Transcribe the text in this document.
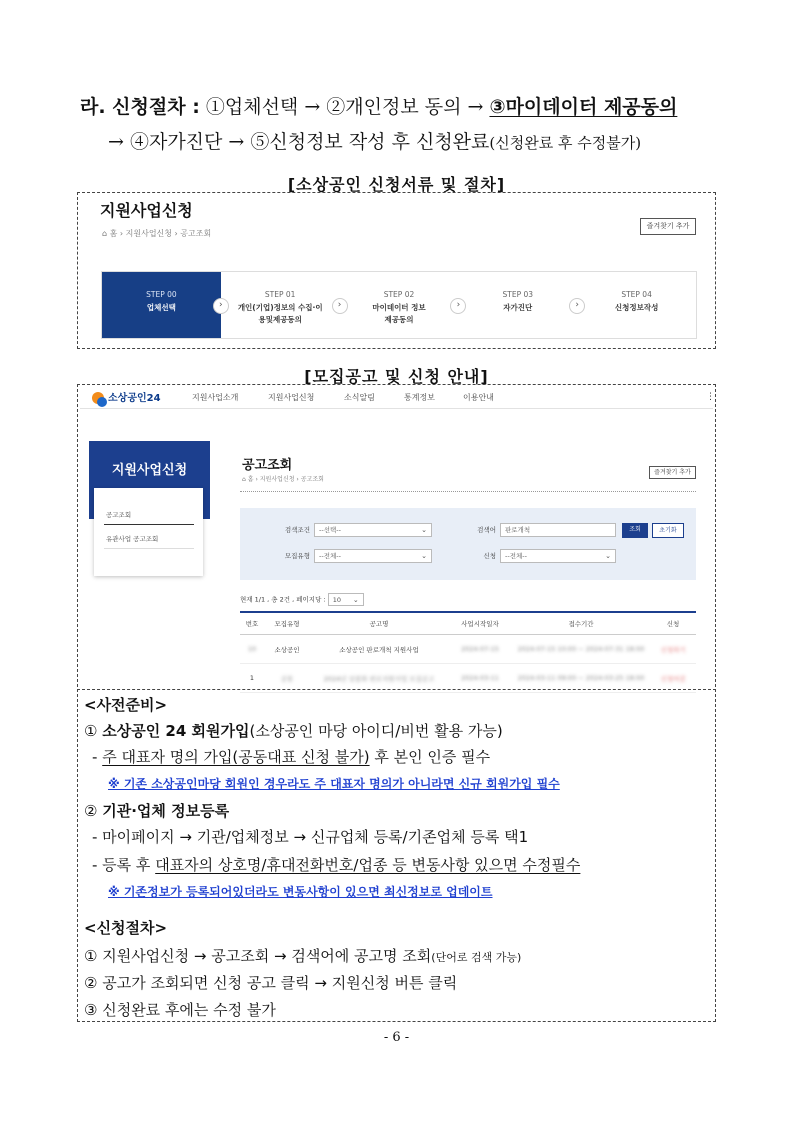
라. 신청절차 : ①업체선택 → ②개인정보 동의 → ③마이데이터 제공동의
→ ④자가진단 → ⑤신청정보 작성 후 신청완료(신청완료 후 수정불가)
[소상공인 신청서류 및 절차]
지원사업신청
⌂ 홈 › 지원사업신청 › 공고조회
즐겨찾기 추가
STEP 00
업체선택	›
STEP 01
개인(기업)정보의 수집·이용및제공동의
›
STEP 02
마이데이터 정보제공동의
›
STEP 03
자가진단	›
STEP 04
신청정보작성
[모집공고 및 신청 안내]
소상공인24	지원사업소개	지원사업신청	소식알림	통계정보	이용안내	⋮
지원사업신청
공고조회
유관사업 공고조회
공고조회
⌂ 홈 › 지원사업신청 › 공고조회
즐겨찾기 추가
검색조건	--선택--	⌄
모집유형	--전체--	⌄
검색어	판로개척	조회	초기화
신청	--전체--	⌄
현재 1/1 , 총 2건 , 페이지당 : 10 ⌄
번호	모집유형	공고명	사업시작일자	접수기간	신청
10	소상공인	소상공인 판로개척 지원사업	2024-07-15	2024-07-15 10:00 ~ 2024-07-31 18:00	신청하기
1	공통	2024년 상품화 판로지원사업 모집공고	2024-03-11	2024-03-11 09:00 ~ 2024-03-25 18:00	신청마감
<사전준비>
① 소상공인 24 회원가입(소상공인 마당 아이디/비번 활용 가능)
- 주 대표자 명의 가입(공동대표 신청 불가) 후 본인 인증 필수
※ 기존 소상공인마당 회원인 경우라도 주 대표자 명의가 아니라면 신규 회원가입 필수
② 기관·업체 정보등록
- 마이페이지 → 기관/업체정보 → 신규업체 등록/기존업체 등록 택1
- 등록 후 대표자의 상호명/휴대전화번호/업종 등 변동사항 있으면 수정필수
※ 기존정보가 등록되어있더라도 변동사항이 있으면 최신정보로 업데이트
<신청절차>
① 지원사업신청 → 공고조회 → 검색어에 공고명 조회(단어로 검색 가능)
② 공고가 조회되면 신청 공고 클릭 → 지원신청 버튼 클릭
③ 신청완료 후에는 수정 불가
- 6 -
